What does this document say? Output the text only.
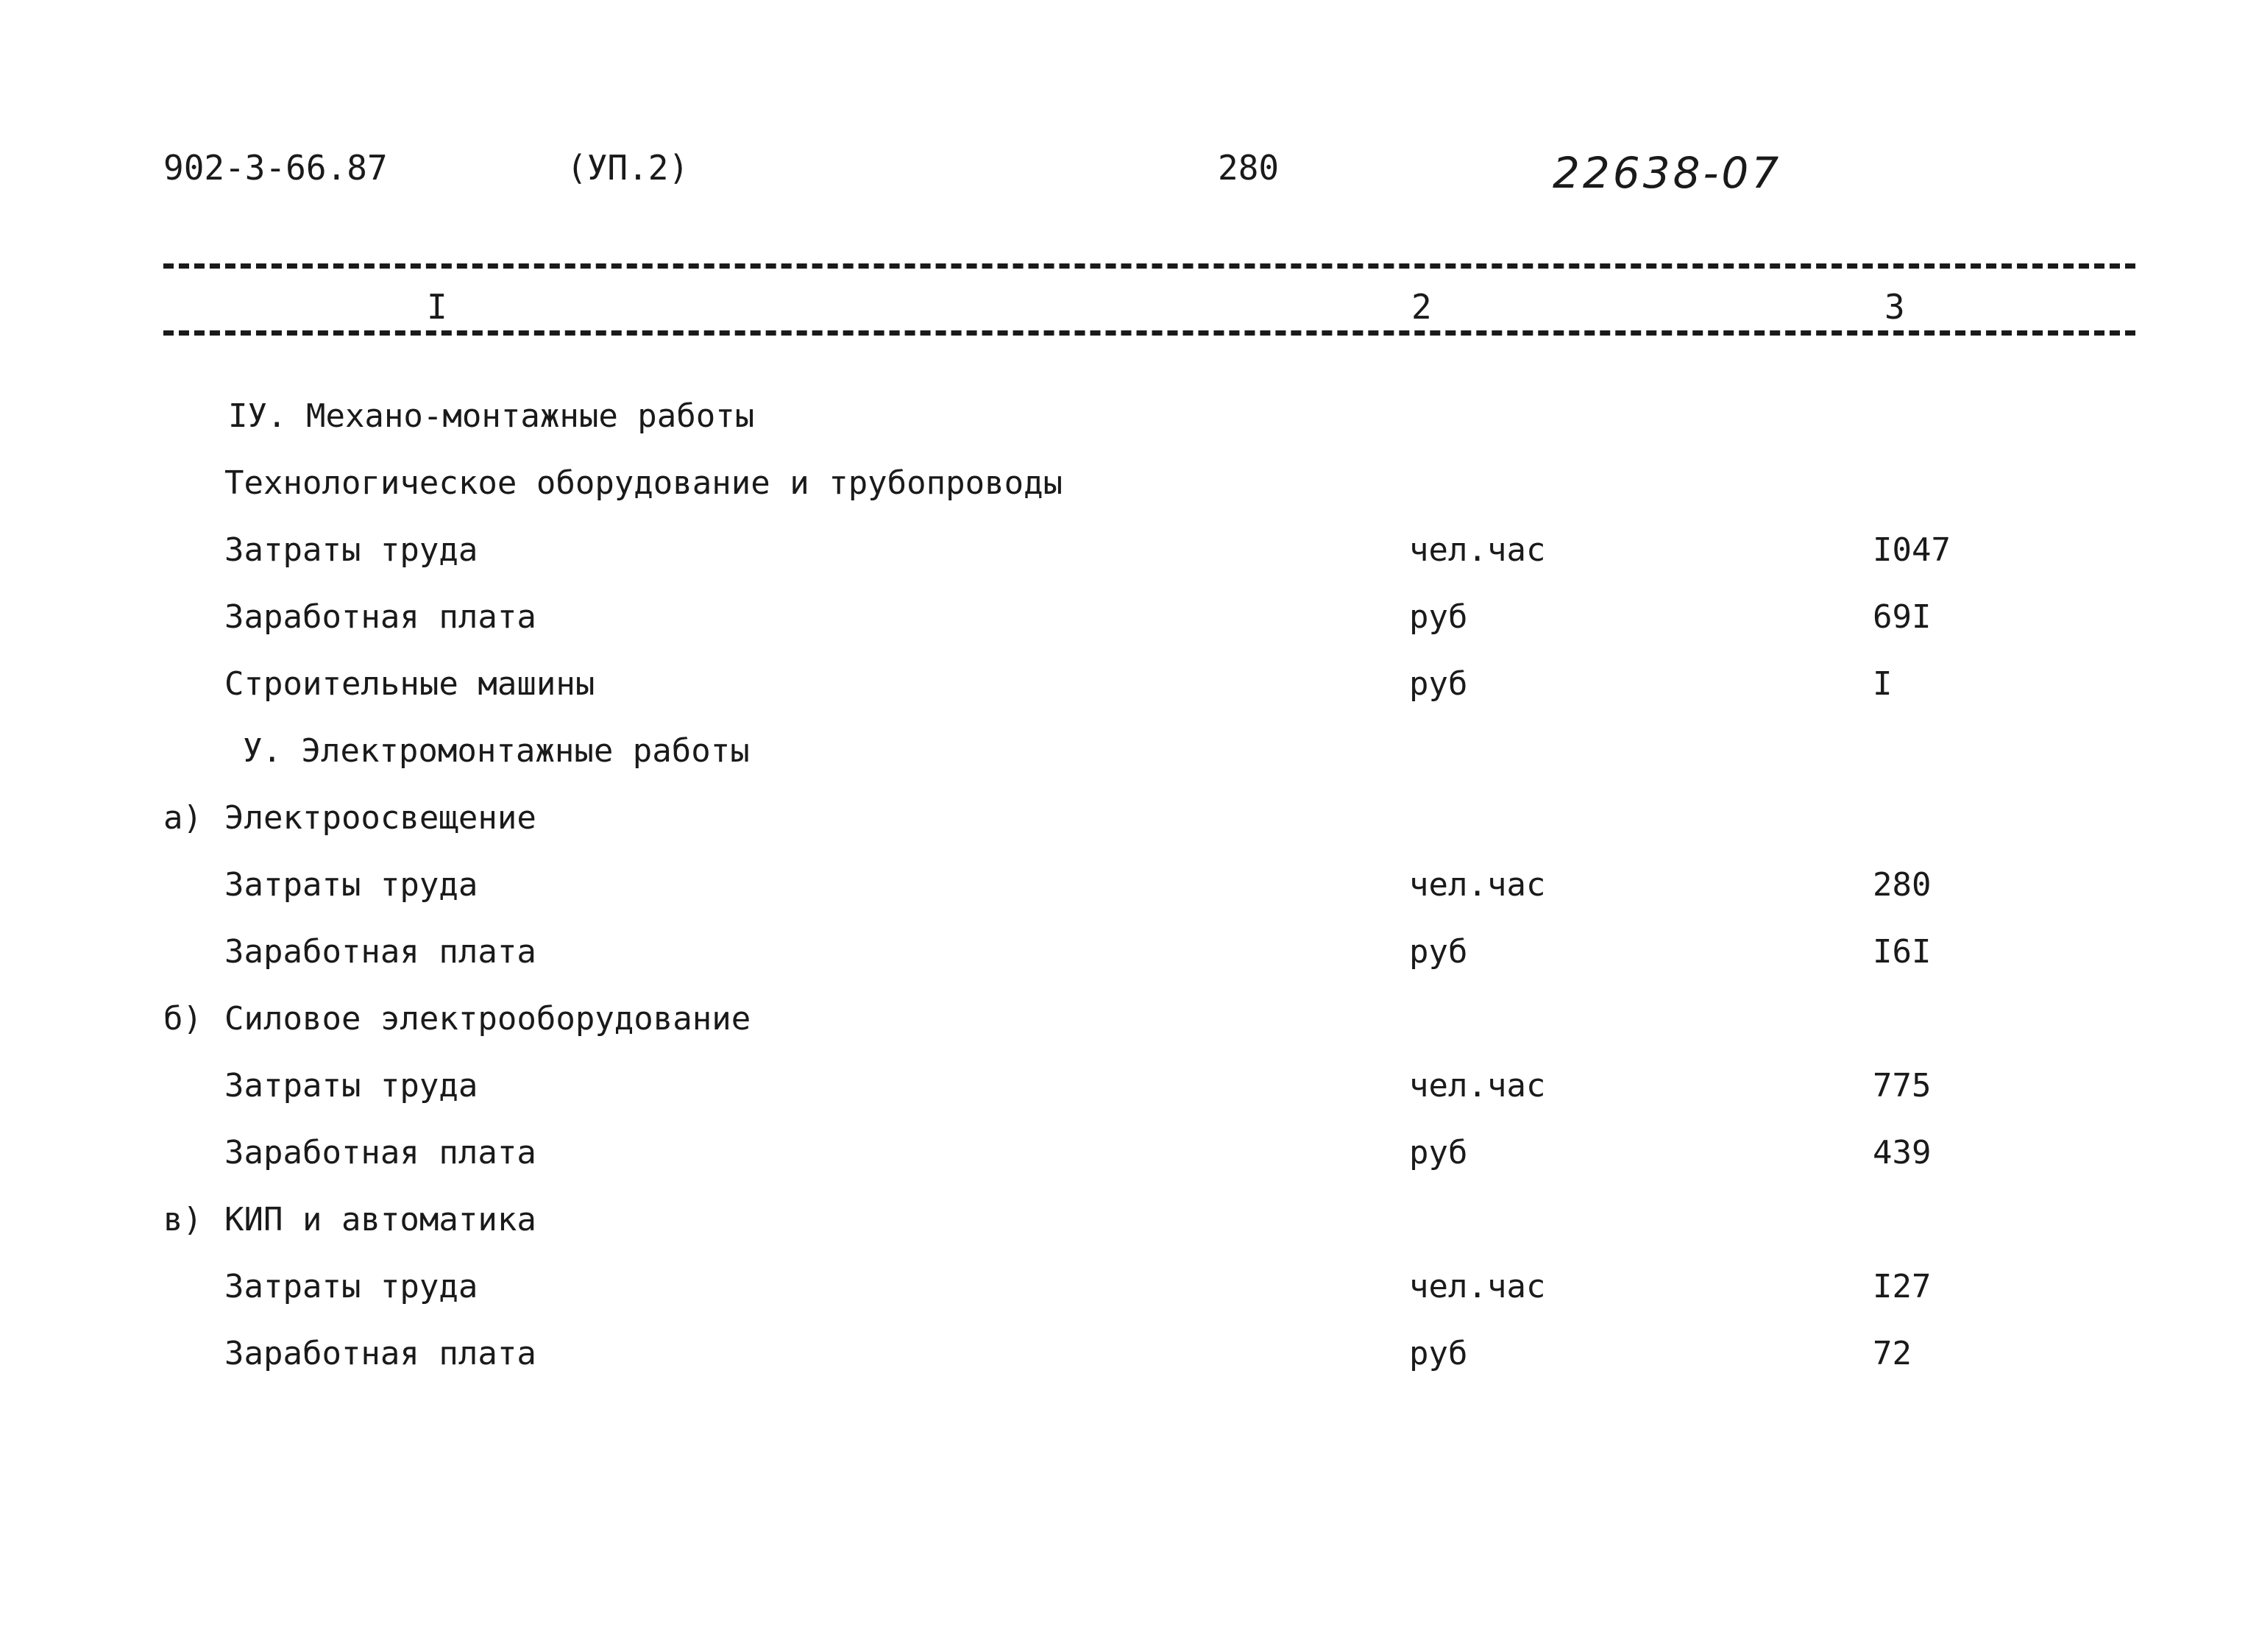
902-3-66.87	(УП.2)	280	22638-07
I	2	3
IУ. Механо-монтажные работы
Технологическое оборудование и трубопроводы
Затраты труда	чел.час	I047
Заработная плата	руб	69I
Строительные машины	руб	I
У. Электромонтажные работы
а) Электроосвещение
Затраты труда	чел.час	280
Заработная плата	руб	I6I
б) Силовое электрооборудование
Затраты труда	чел.час	775
Заработная плата	руб	439
в) КИП и автоматика
Затраты труда	чел.час	I27
Заработная плата	руб	72
